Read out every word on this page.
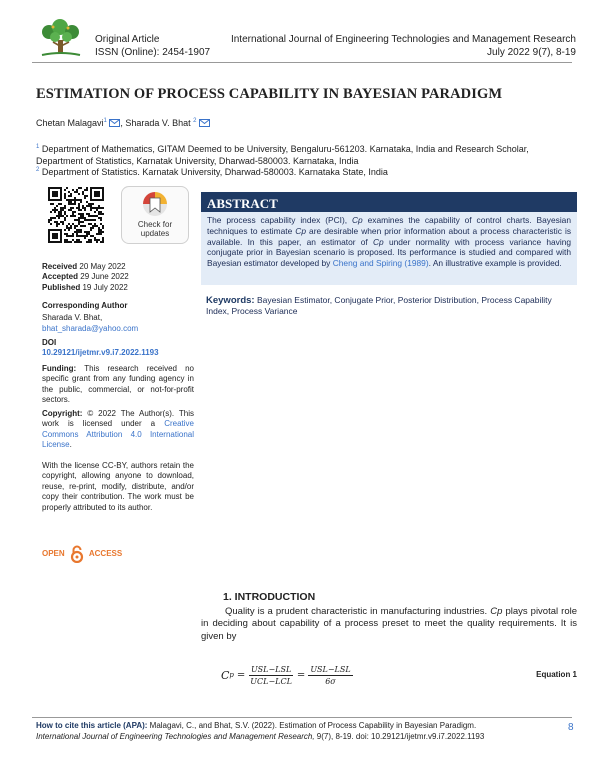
Original Article
ISSN (Online): 2454-1907
International Journal of Engineering Technologies and Management Research
July 2022 9(7), 8-19
ESTIMATION OF PROCESS CAPABILITY IN BAYESIAN PARADIGM
Chetan Malagavi$^1$ , Sharada V. Bhat $^2$
$^1$ Department of Mathematics, GITAM Deemed to be University, Bengaluru-561203. Karnataka, India and Research Scholar, Department of Statistics, Karnatak University, Dharwad-580003. Karnataka, India
$^2$ Department of Statistics. Karnatak University, Dharwad-580003. Karnataka State, India
Check for
updates
Received 20 May 2022
Accepted 29 June 2022
Published 19 July 2022
Corresponding Author
Sharada V. Bhat,
bhat_sharada@yahoo.com
DOI
10.29121/ijetmr.v9.i7.2022.1193
Funding: This research received no specific grant from any funding agency in the public, commercial, or not-for-profit sectors.
Copyright: © 2022 The Author(s). This work is licensed under a Creative Commons Attribution 4.0 International License.
With the license CC-BY, authors retain the copyright, allowing anyone to download, reuse, re-print, modify, distribute, and/or copy their contribution. The work must be properly attributed to its author.
OPEN	ACCESS
ABSTRACT
The process capability index (PCI), Cp examines the capability of control charts. Bayesian techniques to estimate Cp are desirable when prior information about a process characteristic is available. In this paper, an estimator of Cp under normality with process variance having conjugate prior in Bayesian scenario is proposed. Its performance is studied and compared with Bayesian estimator developed by Cheng and Spiring (1989). An illustrative example is provided.
Keywords: Bayesian Estimator, Conjugate Prior, Posterior Distribution, Process Capability Index, Process Variance
1. INTRODUCTION
Quality is a prudent characteristic in manufacturing industries. Cp plays pivotal role in deciding about capability of a process preset to meet the quality requirements. It is given by
C $p = \frac{\text{USL−LSL}}{\text{UCL−LCL}} = \frac{\text{USL−LSL}}{6\sigma}$	Equation 1
How to cite this article (APA): Malagavi, C., and Bhat, S.V. (2022). Estimation of Process Capability in Bayesian Paradigm.
International Journal of Engineering Technologies and Management Research, 9(7), 8-19. doi: 10.29121/ijetmr.v9.i7.2022.1193
8
